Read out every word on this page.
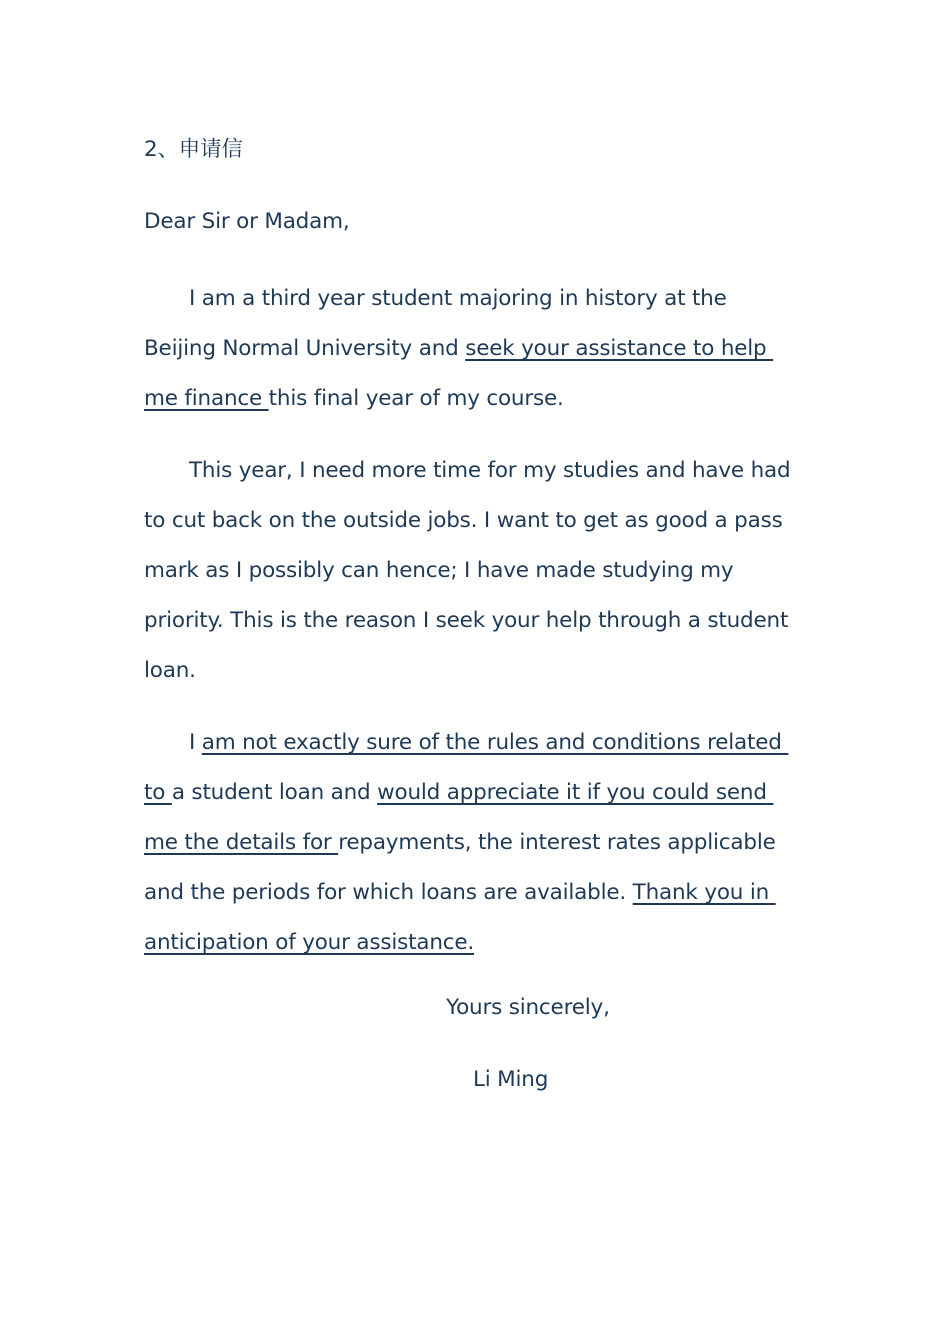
2、申请信
Dear Sir or Madam,

I am a third year student majoring in history at the Beijing Normal University and seek your assistance to help me finance this final year of my course.

This year, I need more time for my studies and have had to cut back on the outside jobs. I want to get as good a pass mark as I possibly can hence; I have made studying my priority. This is the reason I seek your help through a student loan.

I am not exactly sure of the rules and conditions related to a student loan and would appreciate it if you could send me the details for repayments, the interest rates applicable and the periods for which loans are available. Thank you in anticipation of your assistance.

Yours sincerely,
Li Ming
